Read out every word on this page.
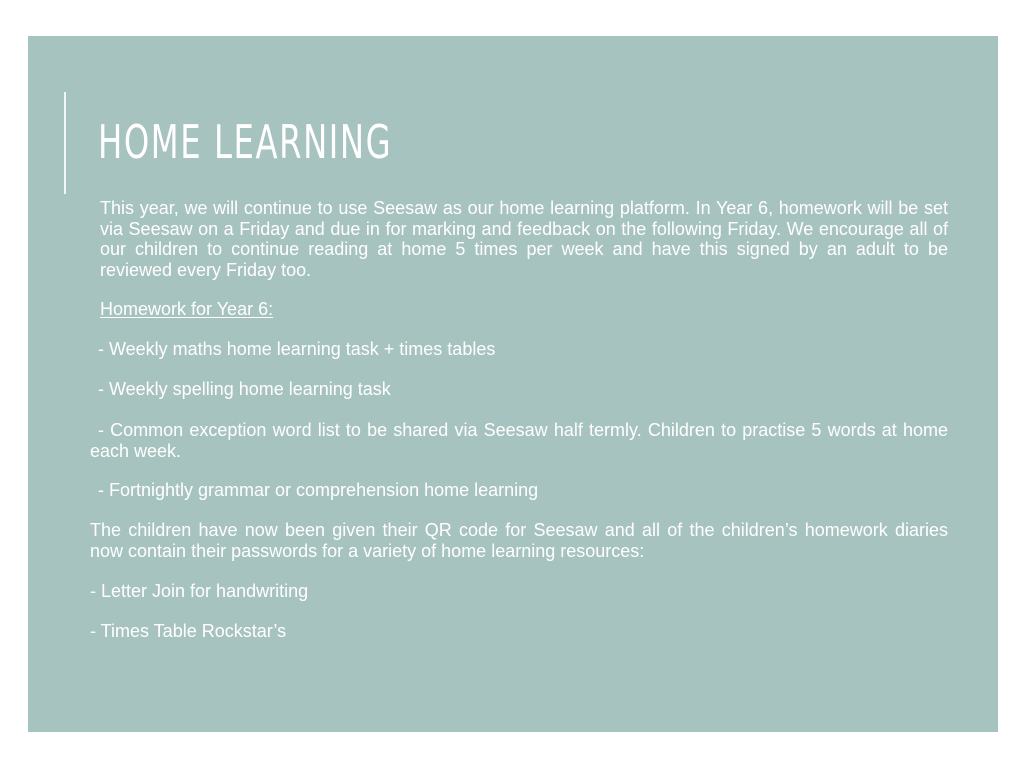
HOME LEARNING

This year, we will continue to use Seesaw as our home learning platform. In Year 6, homework will be set via Seesaw on a Friday and due in for marking and feedback on the following Friday. We encourage all of our children to continue reading at home 5 times per week and have this signed by an adult to be reviewed every Friday too.

Homework for Year 6:

- Weekly maths home learning task + times tables

- Weekly spelling home learning task

- Common exception word list to be shared via Seesaw half termly. Children to practise 5 words at home each week.

- Fortnightly grammar or comprehension home learning

The children have now been given their QR code for Seesaw and all of the children’s homework diaries now contain their passwords for a variety of home learning resources:

- Letter Join for handwriting

- Times Table Rockstar’s
